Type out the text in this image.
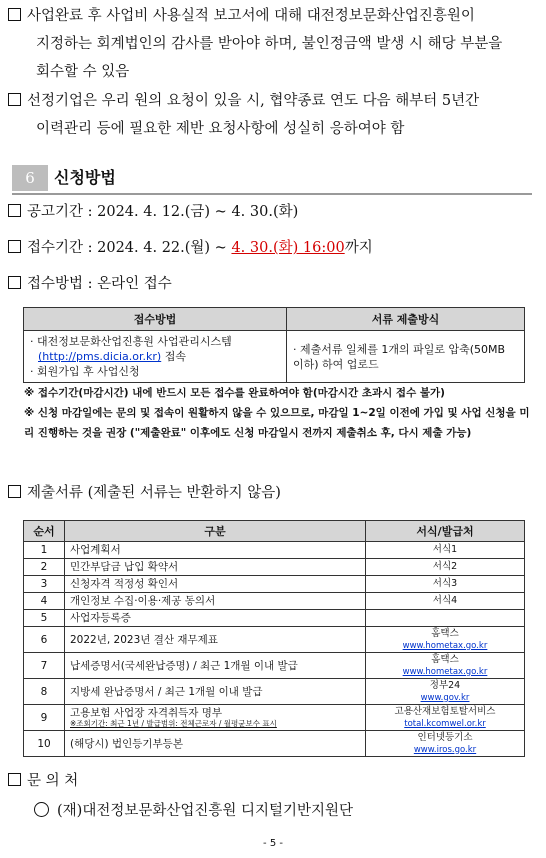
사업완료 후 사업비 사용실적 보고서에 대해 대전정보문화산업진흥원이
지정하는 회계법인의 감사를 받아야 하며, 불인정금액 발생 시 해당 부분을
회수할 수 있음
선정기업은 우리 원의 요청이 있을 시, 협약종료 연도 다음 해부터 5년간
이력관리 등에 필요한 제반 요청사항에 성실히 응하여야 함
6	신청방법
공고기간 : 2024. 4. 12.(금) ~ 4. 30.(화)
접수기간 : 2024. 4. 22.(월) ~ 4. 30.(화) 16:00까지
접수방법 : 온라인 접수
접수방법	서류 제출방식

· 대전정보문화산업진흥원 사업관리시스템
(http://pms.dicia.or.kr) 접속
· 회원가입 후 사업신청	· 제출서류 일체를 1개의 파일로 압축(50MB 이하) 하여 업로드
※ 접수기간(마감시간) 내에 반드시 모든 접수를 완료하여야 함(마감시간 초과시 접수 불가)
※ 신청 마감일에는 문의 및 접속이 원활하지 않을 수 있으므로, 마감일 1~2일 이전에 가입 및 사업 신청을 미리 진행하는 것을 권장 ("제출완료" 이후에도 신청 마감일시 전까지 제출취소 후, 다시 제출 가능)
제출서류 (제출된 서류는 반환하지 않음)
순서	구분	서식/발급처
1	사업계획서	서식1
2	민간부담금 납입 확약서	서식2
3	신청자격 적정성 확인서	서식3
4	개인정보 수집·이용·제공 동의서	서식4
5	사업자등록증	
6	2022년, 2023년 결산 재무제표	홈택스
www.hometax.go.kr

7	납세증명서(국세완납증명) / 최근 1개월 이내 발급	홈택스
www.hometax.go.kr

8	지방세 완납증명서 / 최근 1개월 이내 발급	정부24
www.gov.kr

9	고용보험 사업장 자격취득자 명부
※조회기간: 최근 1년 / 발급범위: 전체근로자 / 월평균보수 표시	고용산재보험토탈서비스
total.kcomwel.or.kr

10	(해당시) 법인등기부등본	인터넷등기소
www.iros.go.kr
문 의 처
(재)대전정보문화산업진흥원 디지털기반지원단
- 5 -
